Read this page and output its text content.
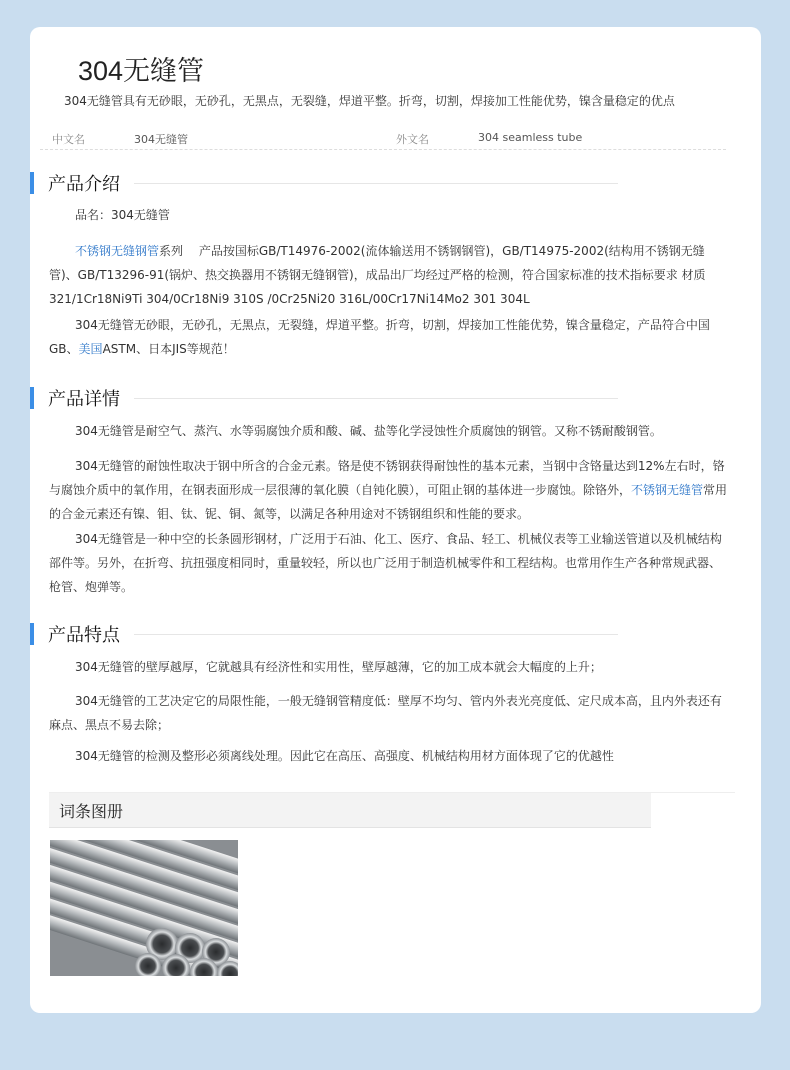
304无缝管

304无缝管具有无砂眼，无砂孔，无黑点，无裂缝，焊道平整。折弯，切割，焊接加工性能优势，镍含量稳定的优点

中文名	304无缝管	外文名	304 seamless tube
产品介绍

品名：304无缝管

不锈钢无缝钢管系列　 产品按国标GB/T14976-2002(流体输送用不锈钢钢管)，GB/T14975-2002(结构用不锈钢无缝管)、GB/T13296-91(锅炉、热交换器用不锈钢无缝钢管)，成品出厂均经过严格的检测，符合国家标准的技术指标要求 材质321/1Cr18Ni9Ti 304/0Cr18Ni9 310S /0Cr25Ni20 316L/00Cr17Ni14Mo2 301 304L

304无缝管无砂眼，无砂孔，无黑点，无裂缝，焊道平整。折弯，切割，焊接加工性能优势，镍含量稳定，产品符合中国GB、美国ASTM、日本JIS等规范！

产品详情

304无缝管是耐空气、蒸汽、水等弱腐蚀介质和酸、碱、盐等化学浸蚀性介质腐蚀的钢管。又称不锈耐酸钢管。

304无缝管的耐蚀性取决于钢中所含的合金元素。铬是使不锈钢获得耐蚀性的基本元素，当钢中含铬量达到12%左右时，铬与腐蚀介质中的氧作用，在钢表面形成一层很薄的氧化膜（自钝化膜），可阻止钢的基体进一步腐蚀。除铬外，不锈钢无缝管常用的合金元素还有镍、钼、钛、铌、铜、氮等，以满足各种用途对不锈钢组织和性能的要求。

304无缝管是一种中空的长条圆形钢材，广泛用于石油、化工、医疗、食品、轻工、机械仪表等工业输送管道以及机械结构部件等。另外，在折弯、抗扭强度相同时，重量较轻，所以也广泛用于制造机械零件和工程结构。也常用作生产各种常规武器、枪管、炮弹等。

产品特点

304无缝管的壁厚越厚，它就越具有经济性和实用性，壁厚越薄，它的加工成本就会大幅度的上升；

304无缝管的工艺决定它的局限性能，一般无缝钢管精度低：壁厚不均匀、管内外表光亮度低、定尺成本高，且内外表还有麻点、黑点不易去除；

304无缝管的检测及整形必须离线处理。因此它在高压、高强度、机械结构用材方面体现了它的优越性

词条图册
